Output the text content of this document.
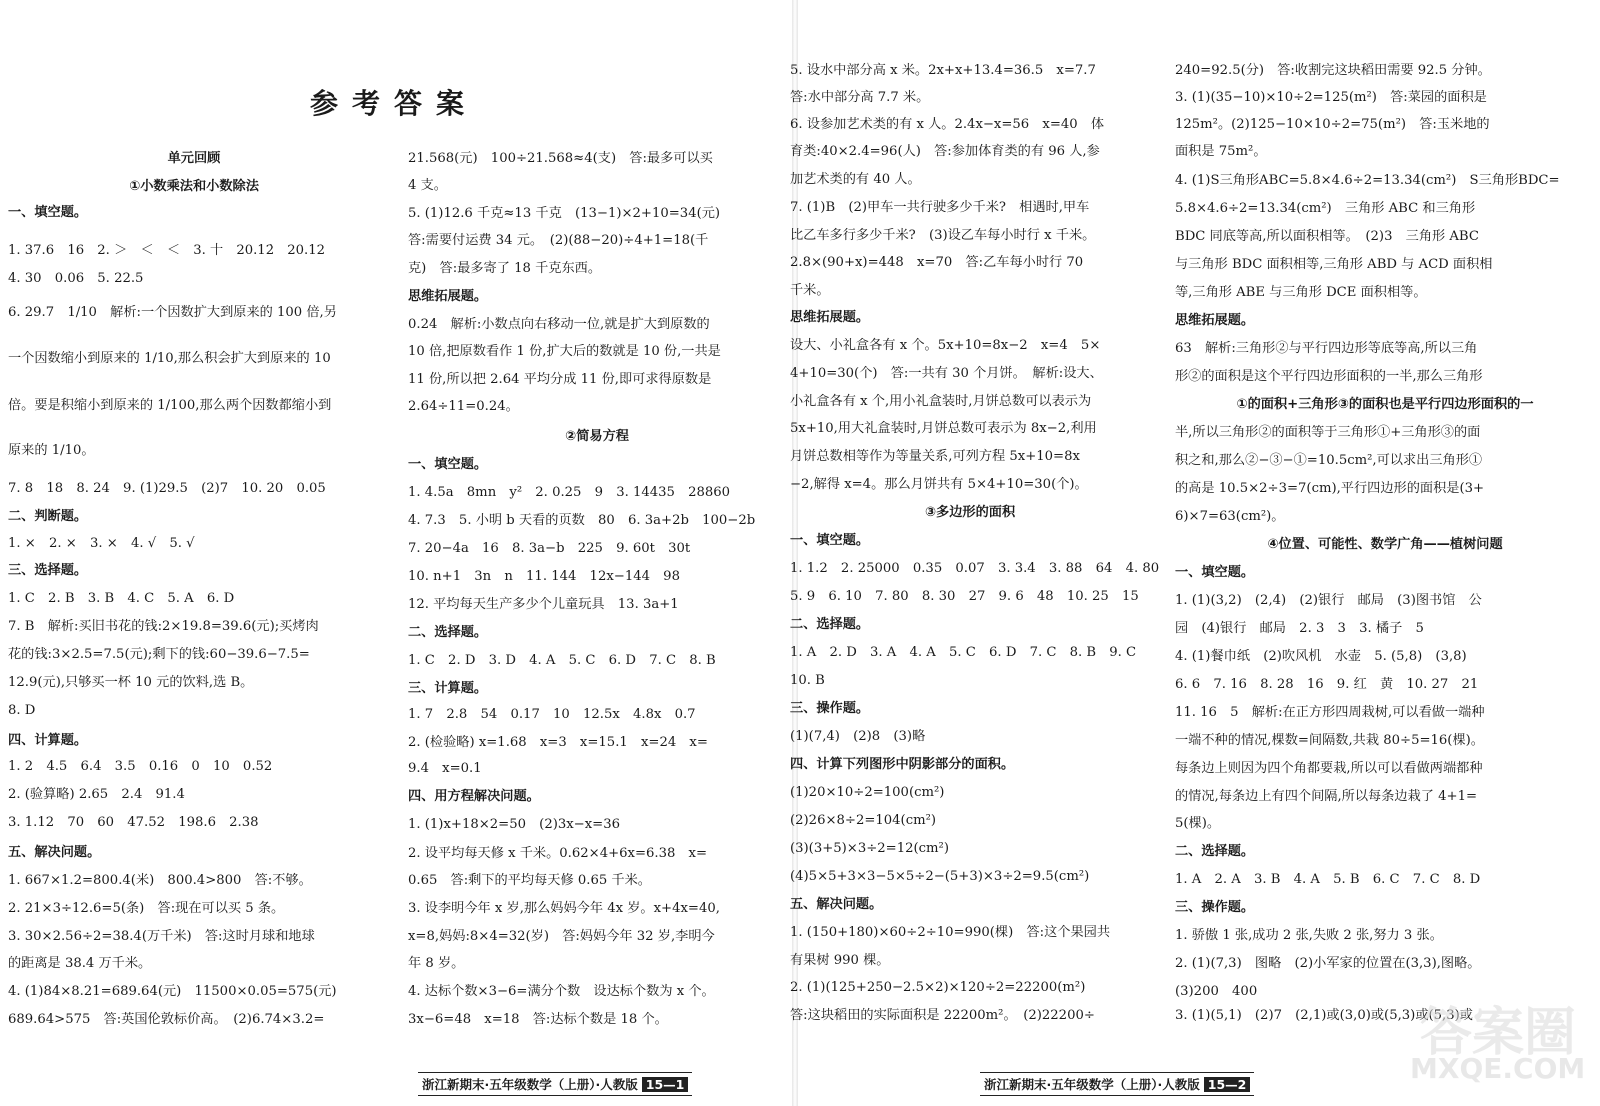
参考答案
单元回顾
①小数乘法和小数除法
一、填空题。
1. 37.6　16　2. ＞　＜　＜　3. 十　20.12̇　20.12
4. 30　0.06　5. 22.5
6. 29.7　1/10　解析:一个因数扩大到原来的 100 倍,另
一个因数缩小到原来的 1/10,那么积会扩大到原来的 10
倍。要是积缩小到原来的 1/100,那么两个因数都缩小到
原来的 1/10。
7. 8　18　8. 24　9. (1)29.5　(2)7　10. 20　0.05
二、判断题。
1. ×　2. ×　3. ×　4. √　5. √
三、选择题。
1. C　2. B　3. B　4. C　5. A　6. D
7. B　解析:买旧书花的钱:2×19.8=39.6(元);买烤肉
花的钱:3×2.5=7.5(元);剩下的钱:60−39.6−7.5=
12.9(元),只够买一杯 10 元的饮料,选 B。
8. D
四、计算题。
1. 2　4.5　6.4　3.5　0.16　0　10　0.52
2. (验算略) 2.65　2.4　91.4
3. 1.12　70　60　47.52　198.6　2.38
五、解决问题。
1. 667×1.2=800.4(米)　800.4>800　答:不够。
2. 21×3÷12.6=5(条)　答:现在可以买 5 条。
3. 30×2.56÷2=38.4(万千米)　答:这时月球和地球
的距离是 38.4 万千米。
4. (1)84×8.21=689.64(元)　11500×0.05=575(元)
689.64>575　答:英国伦敦标价高。　(2)6.74×3.2=
21.568(元)　100÷21.568≈4(支)　答:最多可以买
4 支。
5. (1)12.6 千克≈13 千克　(13−1)×2+10=34(元)
答:需要付运费 34 元。　(2)(88−20)÷4+1=18(千
克)　答:最多寄了 18 千克东西。
思维拓展题。
0.24　解析:小数点向右移动一位,就是扩大到原数的
10 倍,把原数看作 1 份,扩大后的数就是 10 份,一共是
11 份,所以把 2.64 平均分成 11 份,即可求得原数是
2.64÷11=0.24。
②简易方程
一、填空题。
1. 4.5a　8mn　y²　2. 0.25　9　3. 14435　28860
4. 7.3　5. 小明 b 天看的页数　80　6. 3a+2b　100−2b
7. 20−4a　16　8. 3a−b　225　9. 60t　30t
10. n+1　3n　n　11. 144　12x−144　98
12. 平均每天生产多少个儿童玩具　13. 3a+1
二、选择题。
1. C　2. D　3. D　4. A　5. C　6. D　7. C　8. B
三、计算题。
1. 7　2.8　54　0.17　10　12.5x　4.8x　0.7
2. (检验略) x=1.68　x=3　x=15.1　x=24　x=
9.4　x=0.1
四、用方程解决问题。
1. (1)x+18×2=50　(2)3x−x=36
2. 设平均每天修 x 千米。0.62×4+6x=6.38　x=
0.65　答:剩下的平均每天修 0.65 千米。
3. 设李明今年 x 岁,那么妈妈今年 4x 岁。x+4x=40,
x=8,妈妈:8×4=32(岁)　答:妈妈今年 32 岁,李明今
年 8 岁。
4. 达标个数×3−6=满分个数　设达标个数为 x 个。
3x−6=48　x=18　答:达标个数是 18 个。
浙江新期末·五年级数学（上册）·人教版 15—1
5. 设水中部分高 x 米。2x+x+13.4=36.5　x=7.7
答:水中部分高 7.7 米。
6. 设参加艺术类的有 x 人。2.4x−x=56　x=40　体
育类:40×2.4=96(人)　答:参加体育类的有 96 人,参
加艺术类的有 40 人。
7. (1)B　(2)甲车一共行驶多少千米?　相遇时,甲车
比乙车多行多少千米?　(3)设乙车每小时行 x 千米。
2.8×(90+x)=448　x=70　答:乙车每小时行 70
千米。
思维拓展题。
设大、小礼盒各有 x 个。5x+10=8x−2　x=4　5×
4+10=30(个)　答:一共有 30 个月饼。　解析:设大、
小礼盒各有 x 个,用小礼盒装时,月饼总数可以表示为
5x+10,用大礼盒装时,月饼总数可表示为 8x−2,利用
月饼总数相等作为等量关系,可列方程 5x+10=8x
−2,解得 x=4。那么月饼共有 5×4+10=30(个)。
③多边形的面积
一、填空题。
1. 1.2　2. 25000　0.35　0.07　3. 3.4　3. 88　64　4. 80
5. 9　6. 10　7. 80　8. 30　27　9. 6　48　10. 25　15
二、选择题。
1. A　2. D　3. A　4. A　5. C　6. D　7. C　8. B　9. C
10. B
三、操作题。
(1)(7,4)　(2)8　(3)略
四、计算下列图形中阴影部分的面积。
(1)20×10÷2=100(cm²)
(2)26×8÷2=104(cm²)
(3)(3+5)×3÷2=12(cm²)
(4)5×5+3×3−5×5÷2−(5+3)×3÷2=9.5(cm²)
五、解决问题。
1. (150+180)×60÷2÷10=990(棵)　答:这个果园共
有果树 990 棵。
2. (1)(125+250−2.5×2)×120÷2=22200(m²)
答:这块稻田的实际面积是 22200m²。　(2)22200÷
240=92.5(分)　答:收割完这块稻田需要 92.5 分钟。
3. (1)(35−10)×10÷2=125(m²)　答:菜园的面积是
125m²。(2)125−10×10÷2=75(m²)　答:玉米地的
面积是 75m²。
4. (1)S三角形ABC=5.8×4.6÷2=13.34(cm²)　S三角形BDC=
5.8×4.6÷2=13.34(cm²)　三角形 ABC 和三角形
BDC 同底等高,所以面积相等。　(2)3　三角形 ABC
与三角形 BDC 面积相等,三角形 ABD 与 ACD 面积相
等,三角形 ABE 与三角形 DCE 面积相等。
思维拓展题。
63　解析:三角形②与平行四边形等底等高,所以三角
形②的面积是这个平行四边形面积的一半,那么三角形
①的面积+三角形③的面积也是平行四边形面积的一
半,所以三角形②的面积等于三角形①+三角形③的面
积之和,那么②−③−①=10.5cm²,可以求出三角形①
的高是 10.5×2÷3=7(cm),平行四边形的面积是(3+
6)×7=63(cm²)。
④位置、可能性、数学广角——植树问题
一、填空题。
1. (1)(3,2)　(2,4)　(2)银行　邮局　(3)图书馆　公
园　(4)银行　邮局　2. 3　3　3. 橘子　5
4. (1)餐巾纸　(2)吹风机　水壶　5. (5,8)　(3,8)
6. 6　7. 16　8. 28　16　9. 红　黄　10. 27　21
11. 16　5　解析:在正方形四周栽树,可以看做一端种
一端不种的情况,棵数=间隔数,共栽 80÷5=16(棵)。
每条边上则因为四个角都要栽,所以可以看做两端都种
的情况,每条边上有四个间隔,所以每条边栽了 4+1=
5(棵)。
二、选择题。
1. A　2. A　3. B　4. A　5. B　6. C　7. C　8. D
三、操作题。
1. 骄傲 1 张,成功 2 张,失败 2 张,努力 3 张。
2. (1)(7,3)　图略　(2)小军家的位置在(3,3),图略。
(3)200　400
3. (1)(5,1)　(2)7　(2,1)或(3,0)或(5,3)或(5,3)或
浙江新期末·五年级数学（上册）·人教版 15—2
答案圈
MXQE.COM
